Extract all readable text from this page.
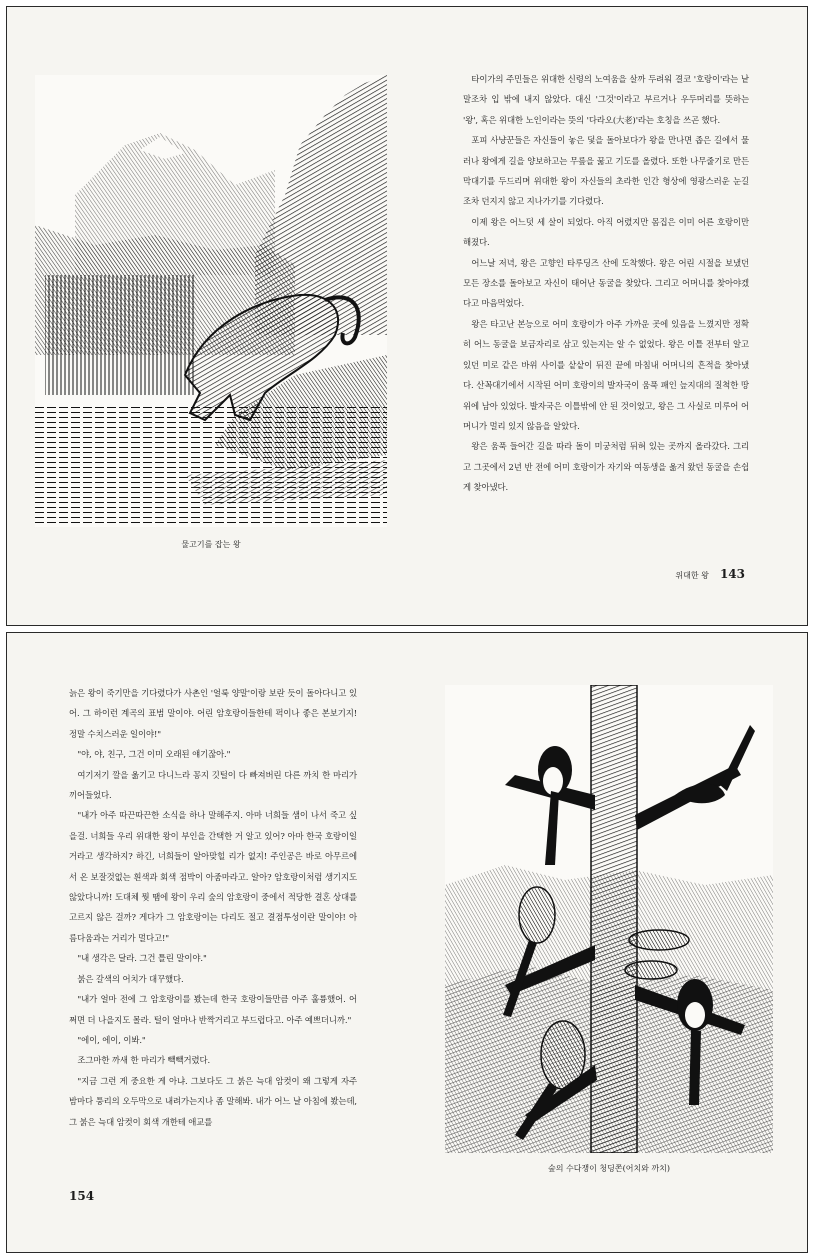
물고기를 잡는 왕

타이가의 주민들은 위대한 신령의 노여움을 살까 두려워 결코 '호랑이'라는 낱말조차 입 밖에 내지 않았다. 대신 '그것'이라고 부르거나 우두머리를 뜻하는 '왕', 혹은 위대한 노인이라는 뜻의 '다라오(大老)'라는 호칭을 쓰곤 했다.

포피 사냥꾼들은 자신들이 놓은 덫을 돌아보다가 왕을 만나면 좁은 길에서 물러나 왕에게 길을 양보하고는 무릎을 꿇고 기도를 올렸다. 또한 나무줄기로 만든 막대기를 두드리며 위대한 왕이 자신들의 초라한 인간 형상에 영광스러운 눈길조차 던지지 않고 지나가기를 기다렸다.

이제 왕은 어느덧 세 살이 되었다. 아직 어렸지만 몸집은 이미 어른 호랑이만 해졌다.

어느날 저녁, 왕은 고향인 타루딩즈 산에 도착했다. 왕은 어린 시절을 보냈던 모든 장소를 돌아보고 자신이 태어난 동굴을 찾았다. 그리고 어머니를 찾아야겠다고 마음먹었다.

왕은 타고난 본능으로 어미 호랑이가 아주 가까운 곳에 있음을 느꼈지만 정확히 어느 동굴을 보금자리로 삼고 있는지는 알 수 없었다. 왕은 이틀 전부터 알고 있던 미로 같은 바위 사이를 샅샅이 뒤진 끝에 마침내 어머니의 흔적을 찾아냈다. 산꼭대기에서 시작된 어미 호랑이의 발자국이 움푹 패인 늪지대의 질척한 땅 위에 남아 있었다. 발자국은 이틀밖에 안 된 것이었고, 왕은 그 사실로 미루어 어머니가 멀리 있지 않음을 알았다.

왕은 움푹 들어간 길을 따라 돌이 미궁처럼 뒤혀 있는 곳까지 올라갔다. 그리고 그곳에서 2년 반 전에 어미 호랑이가 자기와 여동생을 옮겨 왔던 동굴을 손쉽게 찾아냈다.

위대한 왕 143

늙은 왕이 죽기만을 기다렸다가 사촌인 '얼룩 양말'이랑 보란 듯이 돌아다니고 있어. 그 하이런 계곡의 표범 말이야. 어린 암호랑이들한테 퍽이나 좋은 본보기지! 정말 수치스러운 일이야!"

"야, 야, 친구, 그건 이미 오래된 얘기잖아."

여기저기 깔을 옮기고 다니느라 꽁지 깃털이 다 빠져버린 다른 까치 한 마리가 끼어들었다.

"내가 아주 따끈따끈한 소식을 하나 말해주지. 아마 너희들 샘이 나서 죽고 싶을걸. 너희들 우리 위대한 왕이 부인을 간택한 거 알고 있어? 아마 한국 호랑이일 거라고 생각하지? 하긴, 너희들이 알아맞힐 리가 없지! 주인공은 바로 아무르에서 온 보잘것없는 흰색과 회색 점박이 아줌마라고. 알아? 암호랑이처럼 생기지도 않았다니까! 도대체 뭣 땜에 왕이 우리 숲의 암호랑이 중에서 적당한 결혼 상대를 고르지 않은 걸까? 게다가 그 암호랑이는 다리도 절고 결점투성이란 말이야! 아름다움과는 거리가 멀다고!"

"내 생각은 달라. 그건 틀린 말이야."

붉은 갈색의 어치가 대꾸했다.

"내가 얼마 전에 그 암호랑이를 봤는데 한국 호랑이들만큼 아주 훌륭했어. 어쩌면 더 나을지도 몰라. 털이 얼마나 반짝거리고 부드럽다고. 아주 예쁘더니까."

"에이, 에이, 이봐."

조그마한 까새 한 마리가 빽빽거렸다.

"지금 그런 게 중요한 게 아냐. 그보다도 그 붉은 늑대 암컷이 왜 그렇게 자주 밤마다 퉁리의 오두막으로 내려가는지나 좀 말해봐. 내가 어느 날 아침에 봤는데, 그 붉은 늑대 암컷이 회색 개한테 애교를

154
숲의 수다쟁이 청딩쫀(어치와 까치)
